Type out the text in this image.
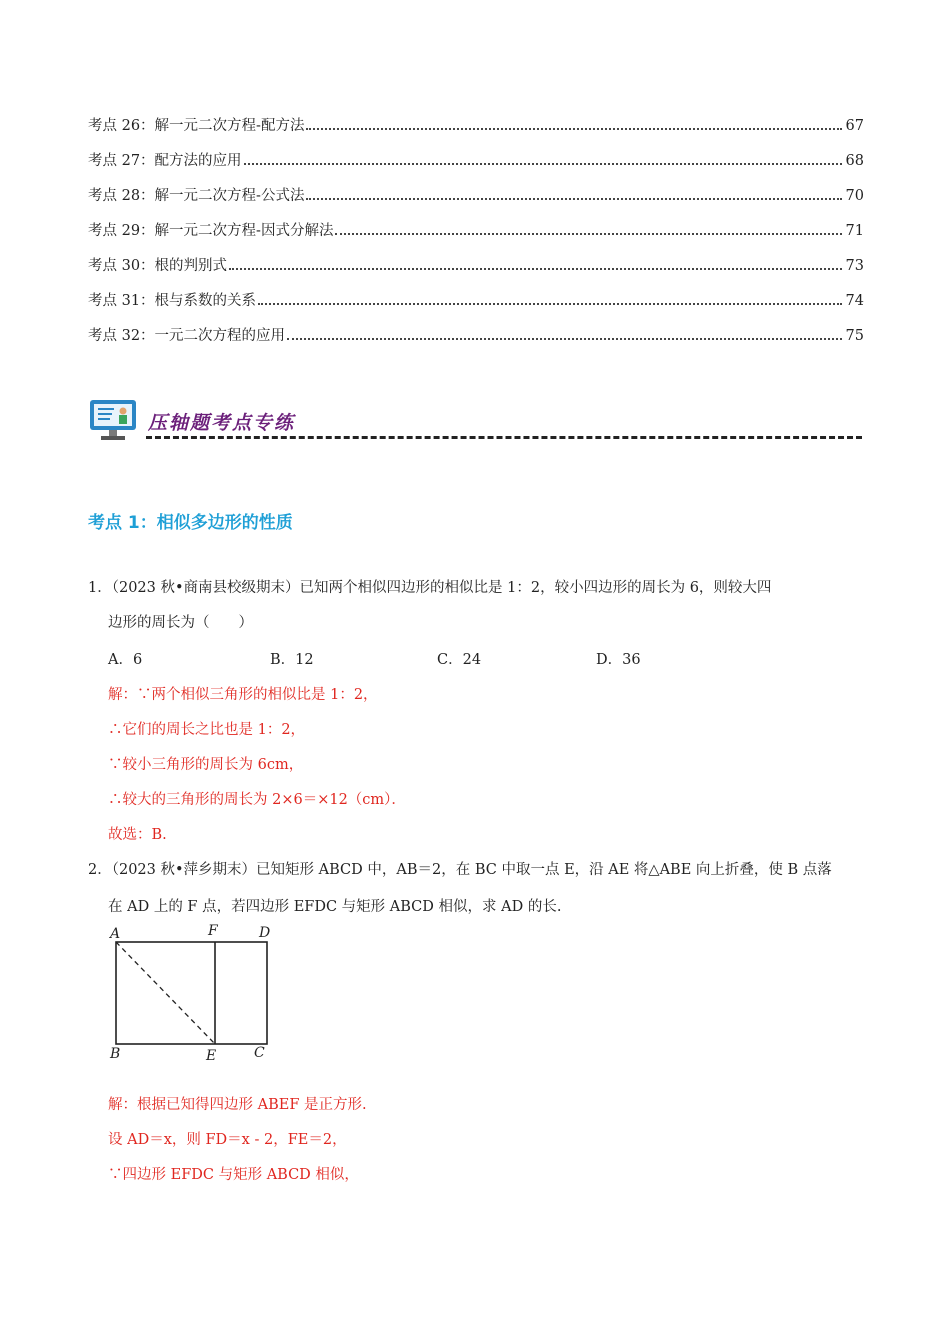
考点 26：解一元二次方程-配方法	67
考点 27：配方法的应用	68
考点 28：解一元二次方程-公式法	70
考点 29：解一元二次方程-因式分解法	71
考点 30：根的判别式	73
考点 31：根与系数的关系	74
考点 32：一元二次方程的应用	75
压轴题考点专练
考点 1：相似多边形的性质
1．（2023 秋•商南县校级期末）已知两个相似四边形的相似比是 1：2，较小四边形的周长为 6，则较大四
边形的周长为（　　）
A．6	B．12	C．24	D．36
解：∵两个相似三角形的相似比是 1：2，
∴它们的周长之比也是 1：2，
∵较小三角形的周长为 6cm，
∴较大的三角形的周长为 2×6＝×12（cm）．
故选：B.
2．（2023 秋•萍乡期末）已知矩形 ABCD 中，AB＝2，在 BC 中取一点 E，沿 AE 将△ABE 向上折叠，使 B 点落
在 AD 上的 F 点，若四边形 EFDC 与矩形 ABCD 相似，求 AD 的长.
A	F	D
B	E	C
解：根据已知得四边形 ABEF 是正方形.
设 AD＝x，则 FD＝x - 2，FE＝2，
∵四边形 EFDC 与矩形 ABCD 相似，
